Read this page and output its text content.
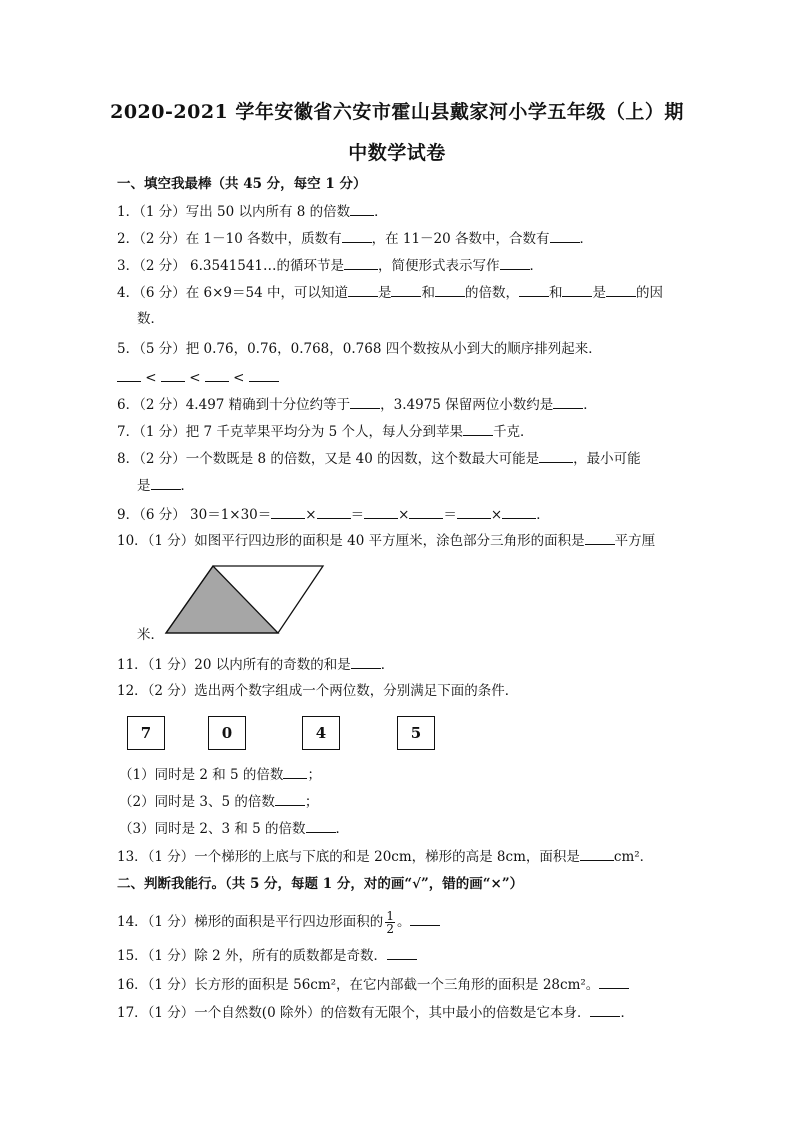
2020-2021 学年安徽省六安市霍山县戴家河小学五年级（上）期
中数学试卷
一、填空我最棒（共 45 分，每空 1 分）
1．（1 分）写出 50 以内所有 8 的倍数 ．
2．（2 分）在 1－10 各数中，质数有 ，在 11－20 各数中，合数有 ．
3．（2 分） 6.3541541…的循环节是	，简便形式表示写作 ．
4．（6 分）在 6×9＝54 中，可以知道 是 和 的倍数， 和 是 的因
数．
5．（5 分）把 0.7̇6̇，0.76̇，0.768，0.76̇8 四个数按从小到大的顺序排列起来．
< < <
6．（2 分）4.497 精确到十分位约等于 ，3.4975 保留两位小数约是 ．
7．（1 分）把 7 千克苹果平均分为 5 个人，每人分到苹果 千克．
8．（2 分）一个数既是 8 的倍数，又是 40 的因数，这个数最大可能是	，最小可能
是 ．
9．（6 分） 30＝1×30＝	×	＝	×	＝	×	．
10．（1 分）如图平行四边形的面积是 40 平方厘米，涂色部分三角形的面积是 平方厘
米．
11．（1 分）20 以内所有的奇数的和是 ．
12．（2 分）选出两个数字组成一个两位数，分别满足下面的条件．
7	0	4	5
（1）同时是 2 和 5 的倍数 ；
（2）同时是 3、5 的倍数 ；
（3）同时是 2、3 和 5 的倍数 ．
13．（1 分）一个梯形的上底与下底的和是 20cm，梯形的高是 8cm，面积是	cm²．
二、判断我能行。（共 5 分，每题 1 分，对的画“√”，错的画“×”）
14．（1 分）梯形的面积是平行四边形面积的 $\frac{1}{2}$ 。
15．（1 分）除 2 外，所有的质数都是奇数．
16．（1 分）长方形的面积是 56cm²，在它内部截一个三角形的面积是 28cm²。
17．（1 分）一个自然数(0 除外）的倍数有无限个，其中最小的倍数是它本身． ．
